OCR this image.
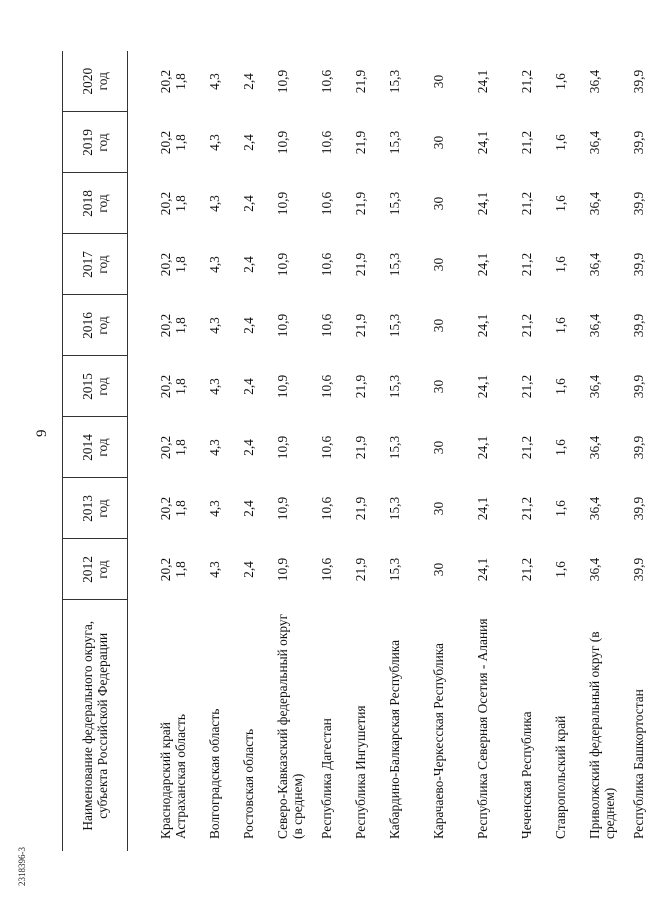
9
2318396-3
Наименование федерального округа, субъекта Российской Федерации	2012 год	2013 год	2014 год	2015 год	2016 год	2017 год	2018 год	2019 год	2020 год

Краснодарский край	20,2	20,2	20,2	20,2	20,2	20,2	20,2	20,2	20,2
Астраханская область	1,8	1,8	1,8	1,8	1,8	1,8	1,8	1,8	1,8
Волгоградская область	4,3	4,3	4,3	4,3	4,3	4,3	4,3	4,3	4,3
Ростовская область	2,4	2,4	2,4	2,4	2,4	2,4	2,4	2,4	2,4
Северо-Кавказский федеральный округ (в среднем)	10,9	10,9	10,9	10,9	10,9	10,9	10,9	10,9	10,9
Республика Дагестан	10,6	10,6	10,6	10,6	10,6	10,6	10,6	10,6	10,6
Республика Ингушетия	21,9	21,9	21,9	21,9	21,9	21,9	21,9	21,9	21,9
Кабардино-Балкарская Республика	15,3	15,3	15,3	15,3	15,3	15,3	15,3	15,3	15,3
Карачаево-Черкесская Республика	30	30	30	30	30	30	30	30	30
Республика Северная Осетия - Алания	24,1	24,1	24,1	24,1	24,1	24,1	24,1	24,1	24,1
Чеченская Республика	21,2	21,2	21,2	21,2	21,2	21,2	21,2	21,2	21,2
Ставропольский край	1,6	1,6	1,6	1,6	1,6	1,6	1,6	1,6	1,6
Приволжский федеральный округ (в среднем)	36,4	36,4	36,4	36,4	36,4	36,4	36,4	36,4	36,4
Республика Башкортостан	39,9	39,9	39,9	39,9	39,9	39,9	39,9	39,9	39,9
